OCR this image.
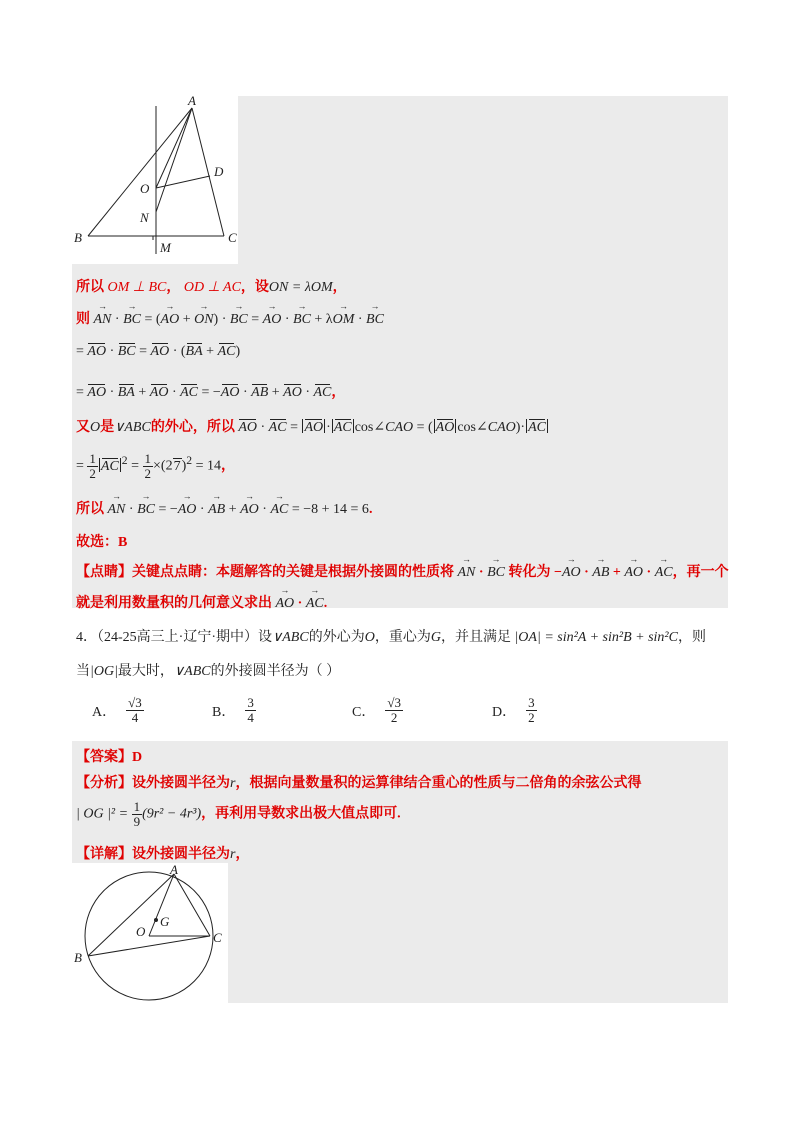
A
B	C
D
O
N
M
所以 OM ⊥ BC， OD ⊥ AC，设ON = λOM，
则 → AN · → BC = (→ AO + → ON) · → BC = → AO · → BC + λ→ OM · → BC
= AO · BC = AO · (BA + AC)
= AO · BA + AO · AC = −AO · AB + AO · AC，
又O是∨ABC的外心，所以 AO · AC = AO · AC cos∠CAO = ( AO cos∠CAO)· AC
= $\frac{1}{2}$ AC $^2 = \frac{1}{2} \times(27)^2 = 14$，
所以 → AN · → BC = −→ AO · → AB + → AO · → AC = −8 + 14 = 6.
故选：B
【点睛】关键点点睛：本题解答的关键是根据外接圆的性质将 → AN · → BC 转化为 −→ AO · → AB + → AO · → AC，再一个
就是利用数量积的几何意义求出 → AO · → AC.
4．（24-25高三上·辽宁·期中）设∨ABC的外心为O，重心为G，并且满足 |OA| = sin²A + sin²B + sin²C，则
当|OG|最大时，∨ABC的外接圆半径为（ ）
A． $\frac{√3}{4}$	B． $\frac{3}{4}$	C． $\frac{√3}{2}$	D． $\frac{3}{2}$
【答案】D
【分析】设外接圆半径为r，根据向量数量积的运算律结合重心的性质与二倍角的余弦公式得
| OG $|^2 = \frac{1}{9} (9r^2 - 4r^3)$，再利用导数求出极大值点即可.
【详解】设外接圆半径为r，
A
B
C
O
G
